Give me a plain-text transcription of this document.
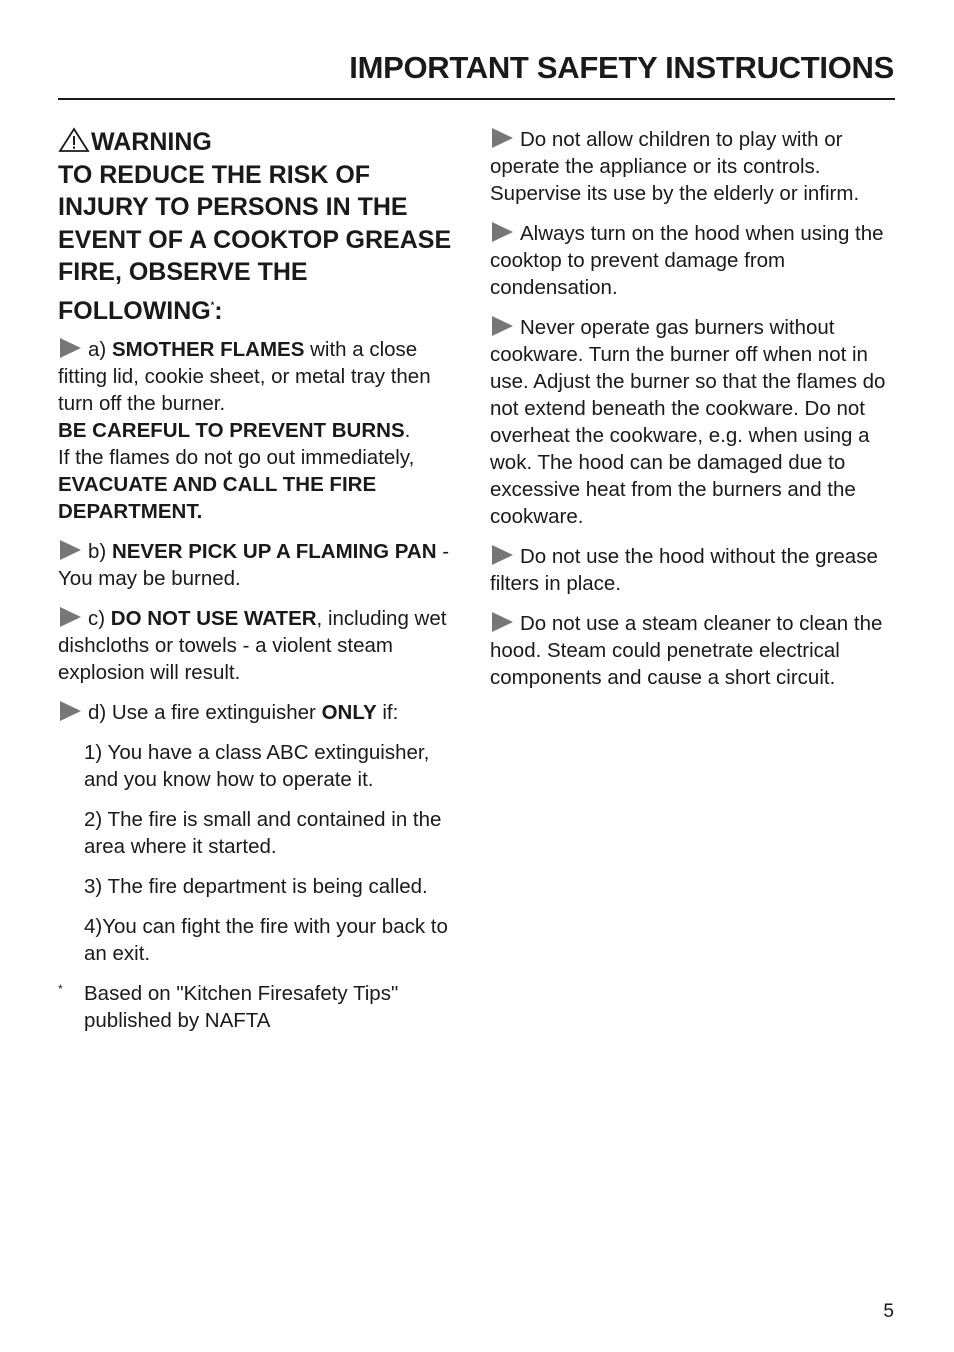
IMPORTANT SAFETY INSTRUCTIONS
WARNING
TO REDUCE THE RISK OF INJURY TO PERSONS IN THE EVENT OF A COOKTOP GREASE FIRE, OBSERVE THE FOLLOWING*:

a) SMOTHER FLAMES with a close fitting lid, cookie sheet, or metal tray then turn off the burner.

BE CAREFUL TO PREVENT BURNS.

If the flames do not go out immediately,

EVACUATE AND CALL THE FIRE DEPARTMENT.

b) NEVER PICK UP A FLAMING PAN - You may be burned.

c) DO NOT USE WATER, including wet dishcloths or towels - a violent steam explosion will result.

d) Use a fire extinguisher ONLY if:

1) You have a class ABC extinguisher, and you know how to operate it.

2) The fire is small and contained in the area where it started.

3) The fire department is being called.

4)You can fight the fire with your back to an exit.

* Based on "Kitchen Firesafety Tips" published by NAFTA

Do not allow children to play with or operate the appliance or its controls. Supervise its use by the elderly or infirm.

Always turn on the hood when using the cooktop to prevent damage from condensation.

Never operate gas burners without cookware. Turn the burner off when not in use. Adjust the burner so that the flames do not extend beneath the cookware. Do not overheat the cookware, e.g. when using a wok. The hood can be damaged due to excessive heat from the burners and the cookware.

Do not use the hood without the grease filters in place.

Do not use a steam cleaner to clean the hood. Steam could penetrate electrical components and cause a short circuit.

5
